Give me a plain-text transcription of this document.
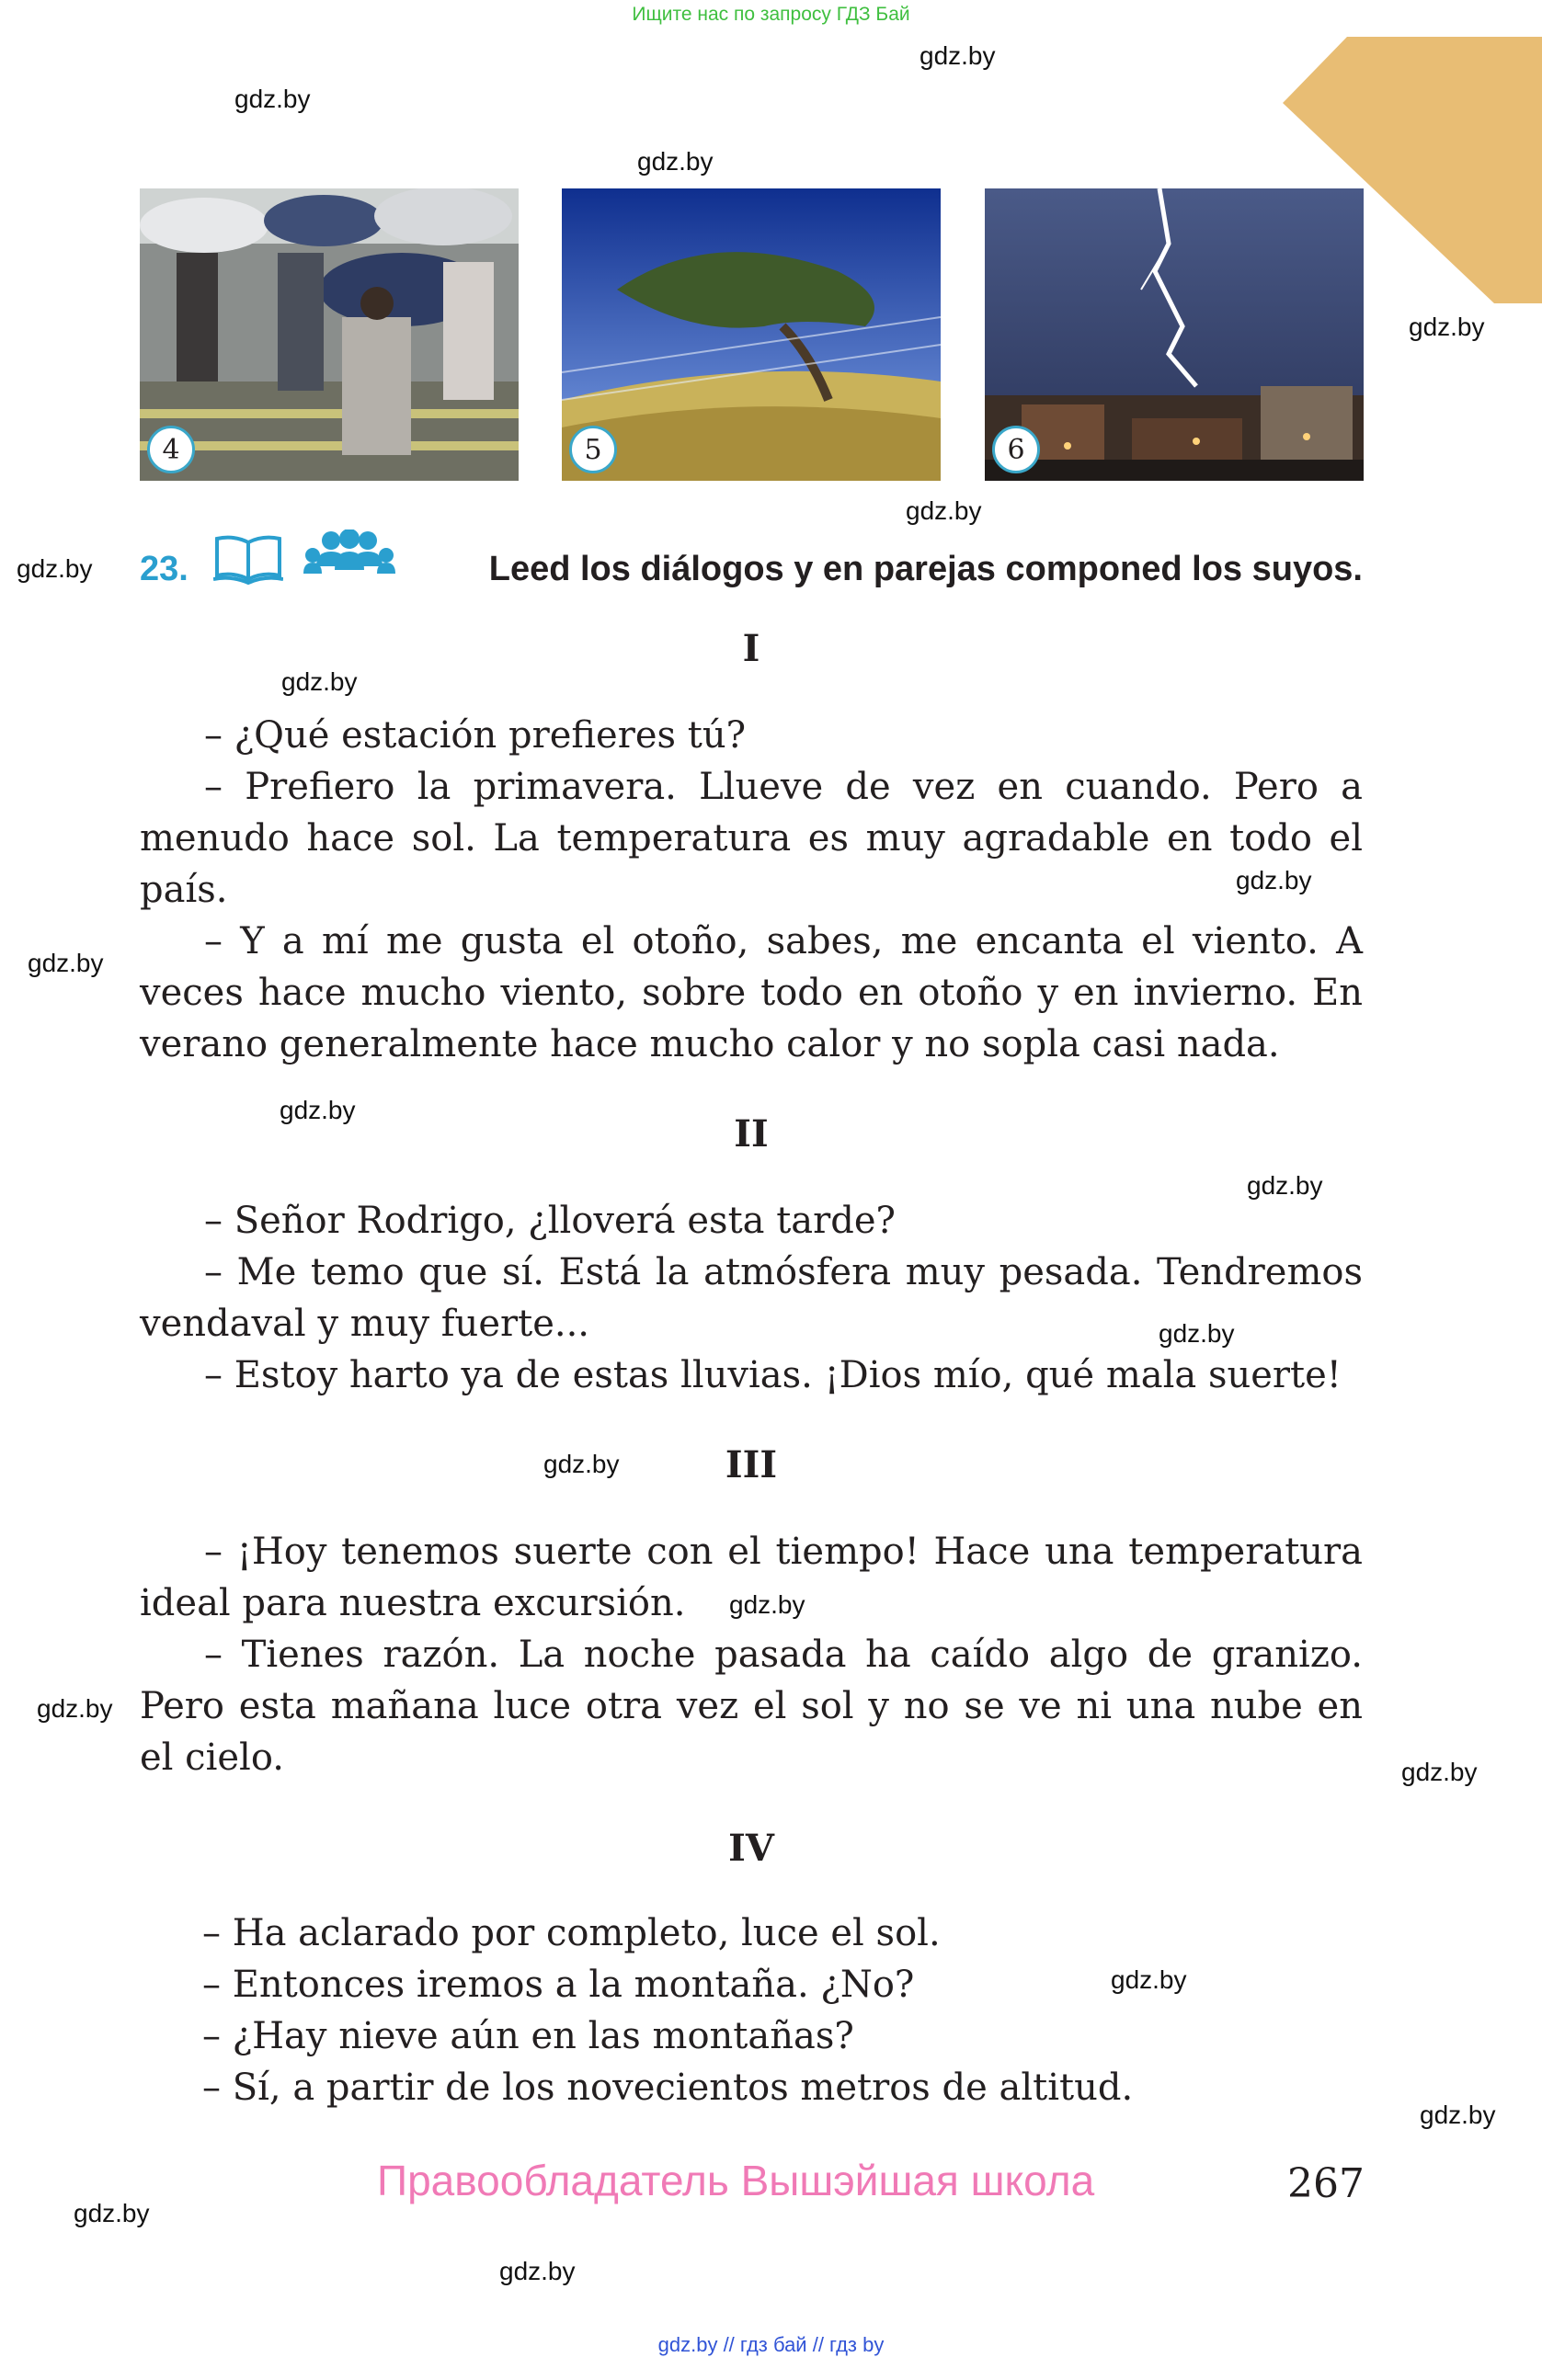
Ищите нас по запросу ГДЗ Бай
gdz.by
gdz.by
gdz.by
gdz.by
gdz.by
gdz.by
gdz.by
gdz.by
gdz.by
gdz.by
gdz.by
gdz.by
gdz.by
gdz.by
gdz.by
gdz.by
gdz.by
gdz.by
gdz.by
gdz.by
4	5	6
23.	Leed los diálogos y en parejas componed los suyos.
I
– ¿Qué estación prefieres tú?
– Prefiero la primavera. Llueve de vez en cuando. Pero a menudo hace sol. La temperatura es muy agradable en todo el país.
– Y a mí me gusta el otoño, sabes, me encanta el viento. A veces hace mucho viento, sobre todo en otoño y en invierno. En verano generalmente hace mucho calor y no sopla casi nada.
II
– Señor Rodrigo, ¿lloverá esta tarde?
– Me temo que sí. Está la atmósfera muy pesada. Tendremos vendaval y muy fuerte...
– Estoy harto ya de estas lluvias. ¡Dios mío, qué mala suerte!
III
– ¡Hoy tenemos suerte con el tiempo! Hace una temperatura ideal para nuestra excursión.
– Tienes razón. La noche pasada ha caído algo de granizo. Pero esta mañana luce otra vez el sol y no se ve ni una nube en el cielo.
IV
– Ha aclarado por completo, luce el sol.
– Entonces iremos a la montaña. ¿No?
– ¿Hay nieve aún en las montañas?
– Sí, a partir de los novecientos metros de altitud.
Правообладатель Вышэйшая школа	267
gdz.by // гдз бай // гдз by
